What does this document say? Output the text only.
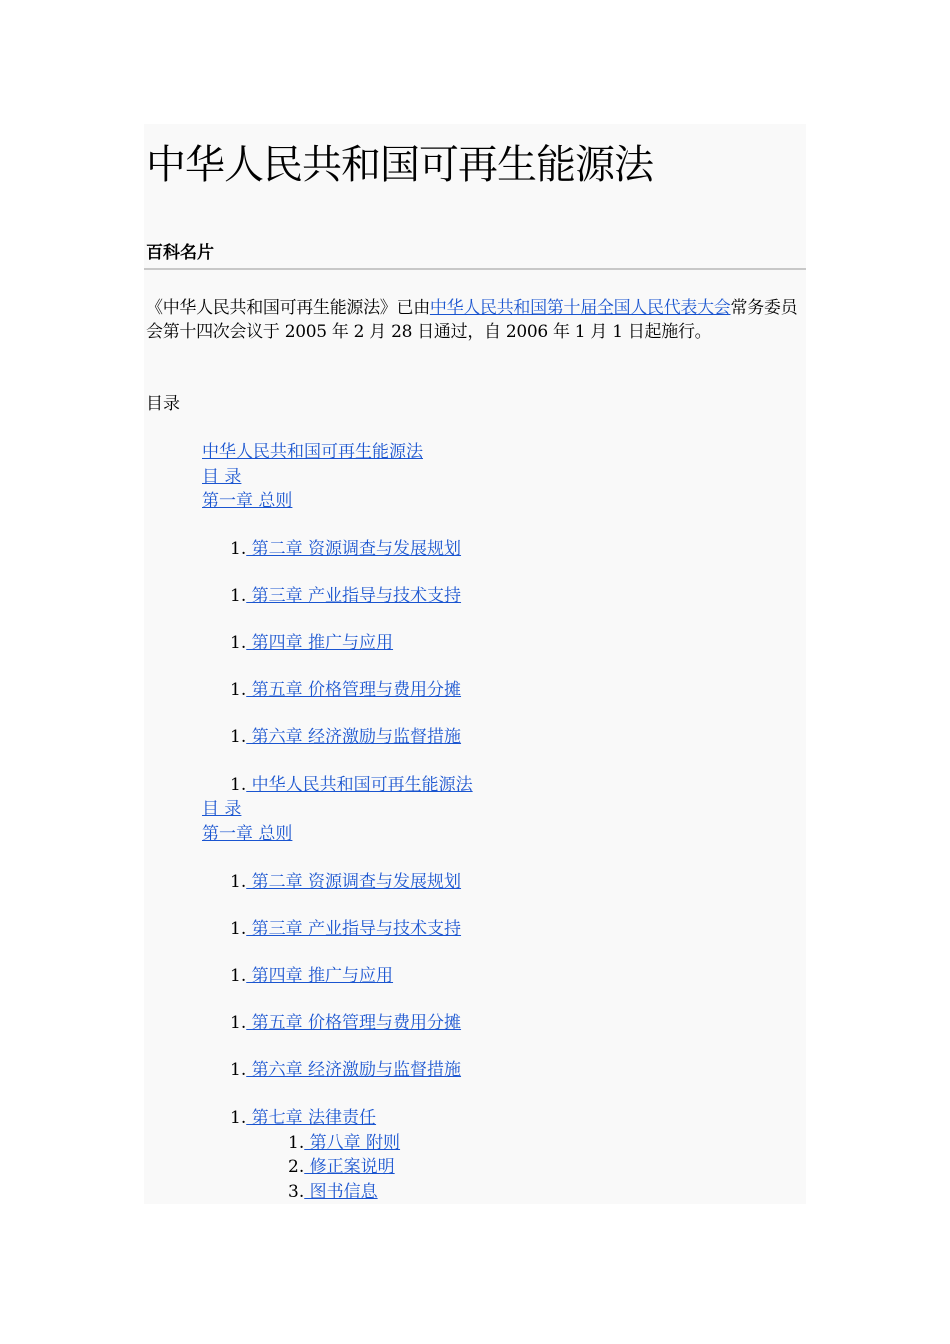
中华人民共和国可再生能源法
百科名片

《中华人民共和国可再生能源法》已由中华人民共和国第十届全国人民代表大会常务委员会第十四次会议于 2005 年 2 月 28 日通过，自 2006 年 1 月 1 日起施行。

目录
中华人民共和国可再生能源法
目 录
第一章 总则
1. 第二章 资源调查与发展规划
1. 第三章 产业指导与技术支持
1. 第四章 推广与应用
1. 第五章 价格管理与费用分摊
1. 第六章 经济激励与监督措施
1. 中华人民共和国可再生能源法
目 录
第一章 总则
1. 第二章 资源调查与发展规划
1. 第三章 产业指导与技术支持
1. 第四章 推广与应用
1. 第五章 价格管理与费用分摊
1. 第六章 经济激励与监督措施
1. 第七章 法律责任
1. 第八章 附则
2. 修正案说明
3. 图书信息
